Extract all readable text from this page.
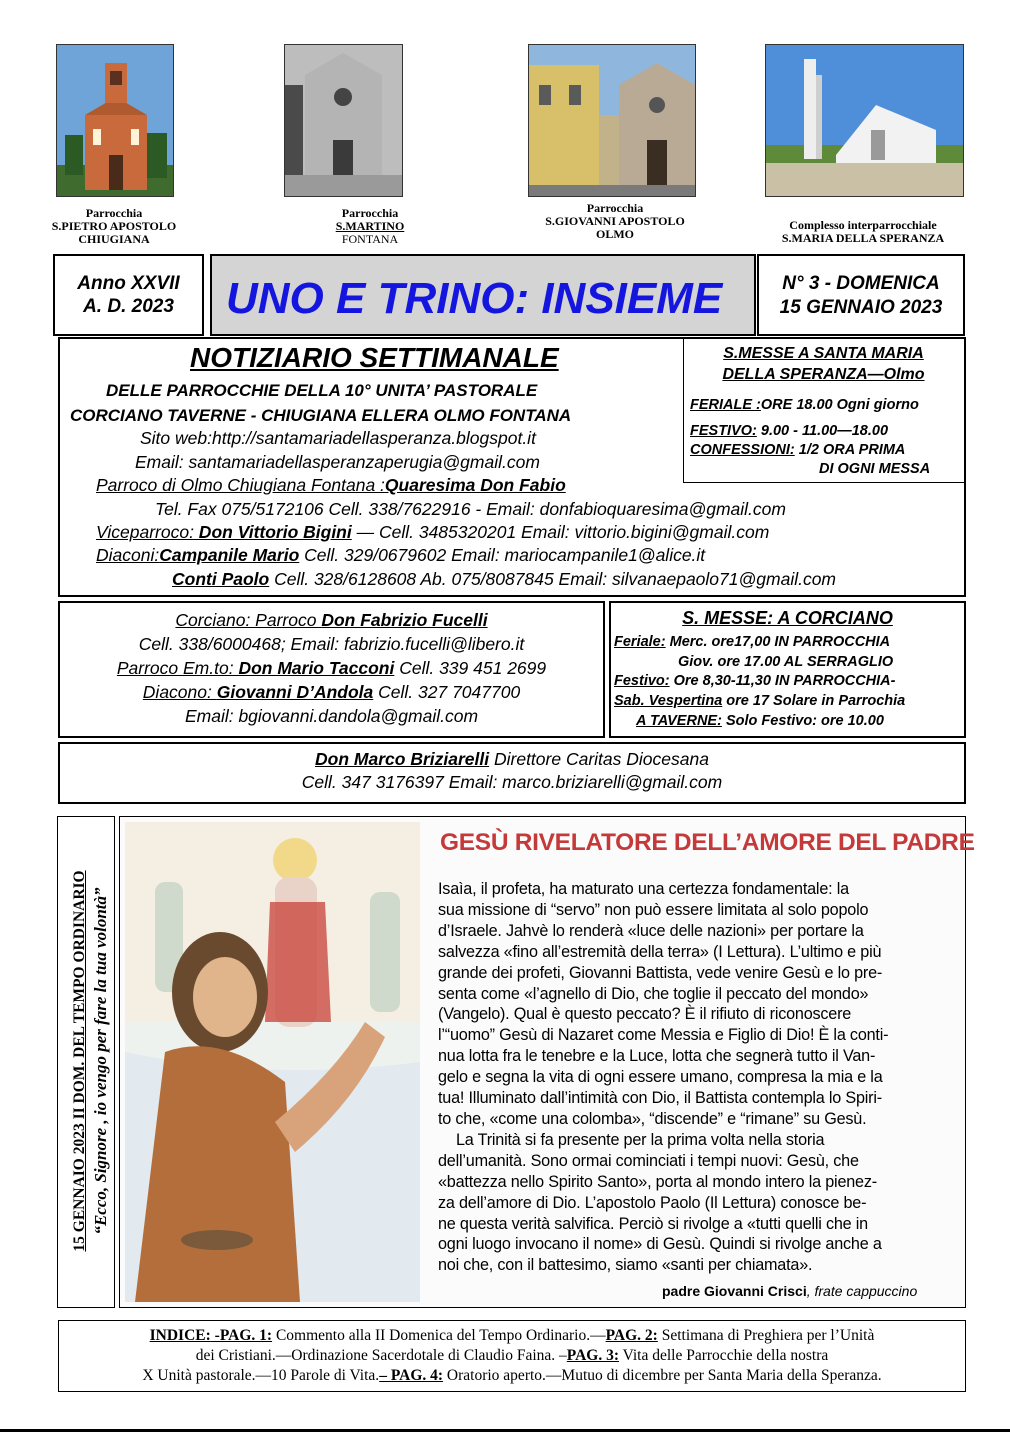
Parrocchia
S.PIETRO APOSTOLO
CHIUGIANA
Parrocchia
S.MARTINO
FONTANA
Parrocchia
S.GIOVANNI APOSTOLO
OLMO
Complesso interparrocchiale
S.MARIA DELLA SPERANZA
Anno XXVII
A. D. 2023	UNO E TRINO: INSIEME	N° 3 - DOMENICA
15 GENNAIO 2023
NOTIZIARIO SETTIMANALE
DELLE PARROCCHIE DELLA 10° UNITA’ PASTORALE
CORCIANO TAVERNE - CHIUGIANA ELLERA OLMO FONTANA
Sito web:http://santamariadellasperanza.blogspot.it
Email: santamariadellasperanzaperugia@gmail.com
Parroco di Olmo Chiugiana Fontana :Quaresima Don Fabio
Tel. Fax 075/5172106 Cell. 338/7622916 - Email: donfabioquaresima@gmail.com
Viceparroco: Don Vittorio Bigini — Cell. 3485320201 Email: vittorio.bigini@gmail.com
Diaconi:Campanile Mario Cell. 329/0679602 Email: mariocampanile1@alice.it
Conti Paolo Cell. 328/6128608 Ab. 075/8087845 Email: silvanaepaolo71@gmail.com
S.MESSE A SANTA MARIA
DELLA SPERANZA—Olmo
FERIALE :ORE 18.00 Ogni giorno
FESTIVO: 9.00 - 11.00—18.00
CONFESSIONI: 1/2 ORA PRIMA
DI OGNI MESSA
Corciano: Parroco Don Fabrizio Fucelli
Cell. 338/6000468; Email: fabrizio.fucelli@libero.it
Parroco Em.to: Don Mario Tacconi Cell. 339 451 2699
Diacono: Giovanni D’Andola Cell. 327 7047700
Email: bgiovanni.dandola@gmail.com
S. MESSE: A CORCIANO
Feriale: Merc. ore17,00 IN PARROCCHIA
Giov. ore 17.00 AL SERRAGLIO
Festivo: Ore 8,30-11,30 IN PARROCCHIA-
Sab. Vespertina ore 17 Solare in Parrochia
A TAVERNE: Solo Festivo: ore 10.00
Don Marco Briziarelli Direttore Caritas Diocesana
Cell. 347 3176397 Email: marco.briziarelli@gmail.com
15 GENNAIO 2023 II DOM. DEL TEMPO ORDINARIO “Ecco, Signore , io vengo per fare la tua volontà”
GESÙ RIVELATORE DELL’AMORE DEL PADRE
Isaìa, il profeta, ha maturato una certezza fondamentale: la
sua missione di “servo” non può essere limitata al solo popolo
d’Israele. Jahvè lo renderà «luce delle nazioni» per portare la
salvezza «fino all’estremità della terra» (I Lettura). L’ultimo e più
grande dei profeti, Giovanni Battista, vede venire Gesù e lo pre-
senta come «l’agnello di Dio, che toglie il peccato del mondo»
(Vangelo). Qual è questo peccato? È il rifiuto di riconoscere
l’“uomo” Gesù di Nazaret come Messia e Figlio di Dio! È la conti-
nua lotta fra le tenebre e la Luce, lotta che segnerà tutto il Van-
gelo e segna la vita di ogni essere umano, compresa la mia e la
tua! Illuminato dall’intimità con Dio, il Battista contempla lo Spiri-
to che, «come una colomba», “discende” e “rimane” su Gesù.
La Trinità si fa presente per la prima volta nella storia
dell’umanità. Sono ormai cominciati i tempi nuovi: Gesù, che
«battezza nello Spirito Santo», porta al mondo intero la pienez-
za dell’amore di Dio. L’apostolo Paolo (Il Lettura) conosce be-
ne questa verità salvifica. Perciò si rivolge a «tutti quelli che in
ogni luogo invocano il nome» di Gesù. Quindi si rivolge anche a
noi che, con il battesimo, siamo «santi per chiamata».
padre Giovanni Crisci, frate cappuccino
INDICE: -PAG. 1: Commento alla II Domenica del Tempo Ordinario.—PAG. 2: Settimana di Preghiera per l’Unità
dei Cristiani.—Ordinazione Sacerdotale di Claudio Faina. –PAG. 3: Vita delle Parrocchie della nostra
X Unità pastorale.—10 Parole di Vita.– PAG. 4: Oratorio aperto.—Mutuo di dicembre per Santa Maria della Speranza.
